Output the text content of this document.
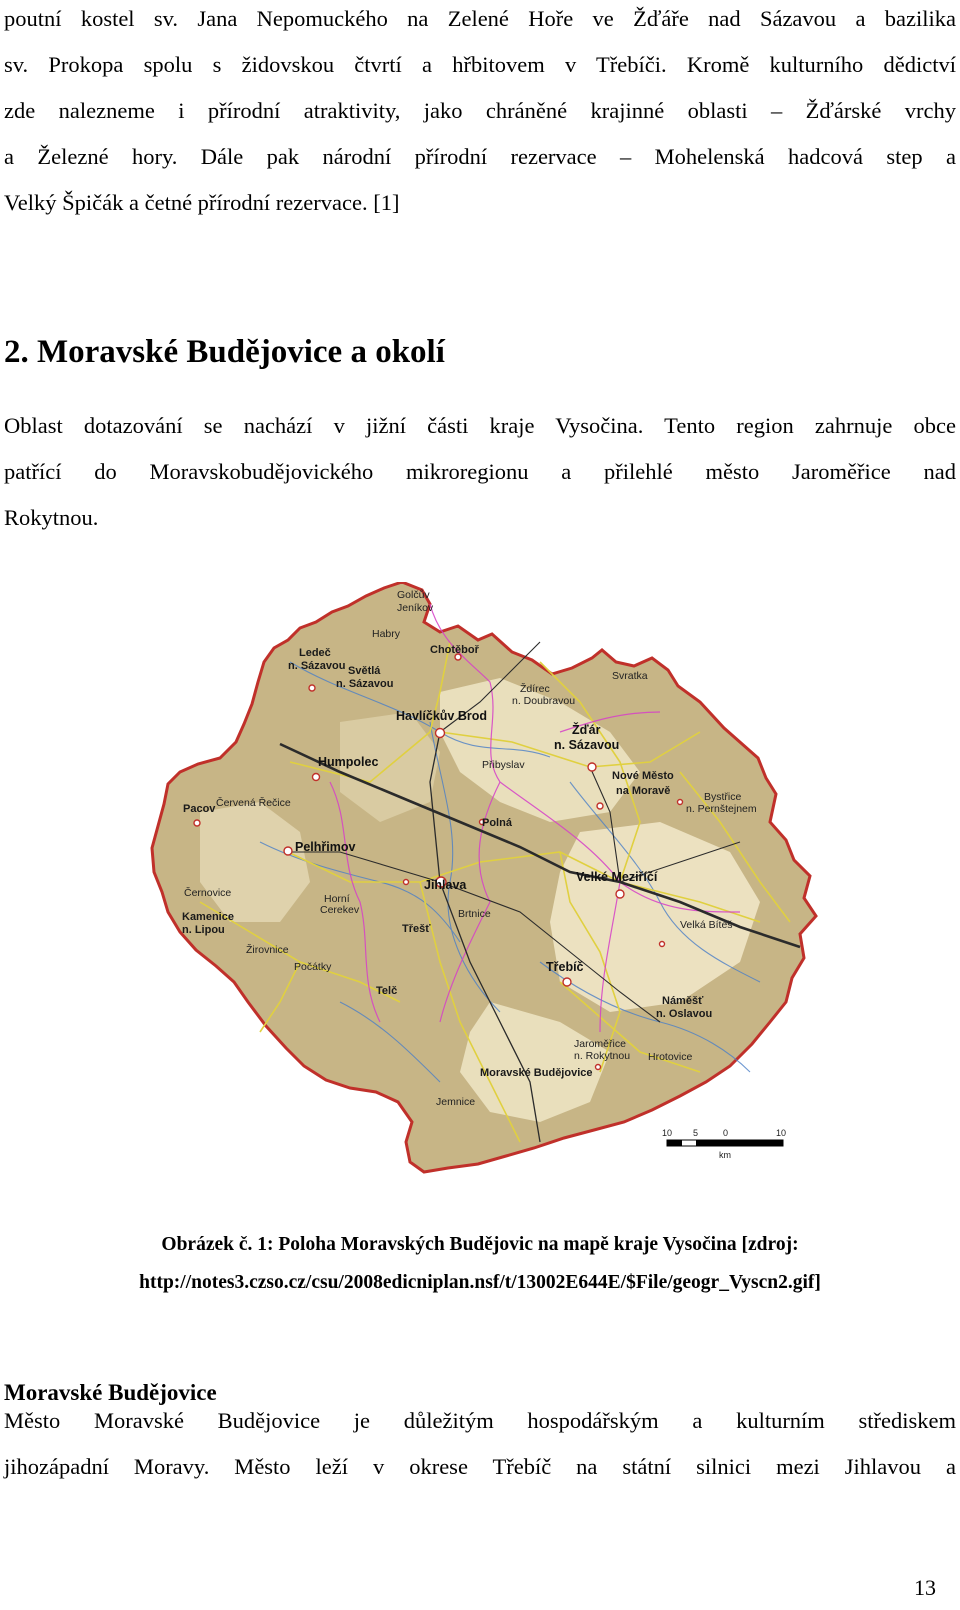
poutní kostel sv. Jana Nepomuckého na Zelené Hoře ve Žďáře nad Sázavou a bazilika
sv. Prokopa spolu s židovskou čtvrtí a hřbitovem v Třebíči. Kromě kulturního dědictví
zde nalezneme i přírodní atraktivity, jako chráněné krajinné oblasti – Žďárské vrchy
a Železné hory. Dále pak národní přírodní rezervace – Mohelenská hadcová step a
Velký Špičák a četné přírodní rezervace. [1]
2. Moravské Budějovice a okolí
Oblast dotazování se nachází v jižní části kraje Vysočina. Tento region zahrnuje obce
patřící do Moravskobudějovického mikroregionu a přilehlé město Jaroměřice nad
Rokytnou.
Golčův
Jeníkov
Habry
Ledeč
n. Sázavou Světlá
n. Sázavou
Chotěboř
Ždírec
n. Doubravou
Svratka
Havlíčkův Brod
Žďár
n. Sázavou
Humpolec	Přibyslav
Nové Město
na Moravě	Bystřice
n. Pernštejnem
Pacov Červená Řečice
Polná
Pelhřimov
Černovice	Horní
Cerekev
Jihlava
Velké Meziříčí
Kamenice
n. Lipou
Brtnice
Třešť	Velká Bíteš
Žirovnice
Počátky	Třebíč
Telč
Náměšť
n. Oslavou
Jaroměřice
n. Rokytnou Hrotovice
Moravské Budějovice
Jemnice
10 5	0	10
km
Obrázek č. 1: Poloha Moravských Budějovic na mapě kraje Vysočina [zdroj:
http://notes3.czso.cz/csu/2008edicniplan.nsf/t/13002E644E/$File/geogr_Vyscn2.gif]
Moravské Budějovice
Město Moravské Budějovice je důležitým hospodářským a kulturním střediskem
jihozápadní Moravy. Město leží v okrese Třebíč na státní silnici mezi Jihlavou a
13
